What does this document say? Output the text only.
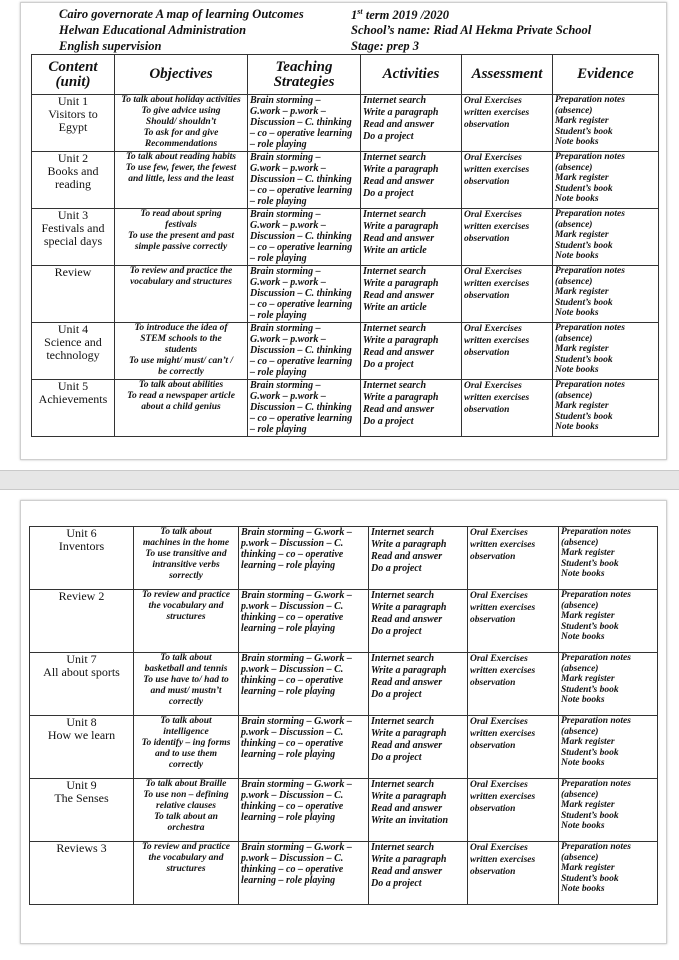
Cairo governorate A map of learning Outcomes	1st term 2019 /2020
Helwan Educational Administration	School’s name: Riad Al Hekma Private School
English supervision	Stage: prep 3
Content
(unit)	Objectives	Teaching
Strategies	Activities	Assessment	Evidence

Unit 1
Visitors to
Egypt	To talk about holiday activities
To give advice using
Should/ shouldn’t
To ask for and give
Recommendations	Brain storming –
G.work – p.work –
Discussion – C. thinking
– co – operative learning
– role playing	Internet search
Write a paragraph
Read and answer
Do a project	Oral Exercises
written exercises
observation	Preparation notes
(absence)
Mark register
Student’s book
Note books

Unit 2
Books and
reading	To talk about reading habits
To use few, fewer, the fewest
and little, less and the least	Brain storming –
G.work – p.work –
Discussion – C. thinking
– co – operative learning
– role playing	Internet search
Write a paragraph
Read and answer
Do a project	Oral Exercises
written exercises
observation	Preparation notes
(absence)
Mark register
Student’s book
Note books

Unit 3
Festivals and
special days	To read about spring
festivals
To use the present and past
simple passive correctly	Brain storming –
G.work – p.work –
Discussion – C. thinking
– co – operative learning
– role playing	Internet search
Write a paragraph
Read and answer
Write an article	Oral Exercises
written exercises
observation	Preparation notes
(absence)
Mark register
Student’s book
Note books

Review	To review and practice the
vocabulary and structures	Brain storming –
G.work – p.work –
Discussion – C. thinking
– co – operative learning
– role playing	Internet search
Write a paragraph
Read and answer
Write an article	Oral Exercises
written exercises
observation	Preparation notes
(absence)
Mark register
Student’s book
Note books

Unit 4
Science and
technology	To introduce the idea of
STEM schools to the
students
To use might/ must/ can’t /
be correctly	Brain storming –
G.work – p.work –
Discussion – C. thinking
– co – operative learning
– role playing	Internet search
Write a paragraph
Read and answer
Do a project	Oral Exercises
written exercises
observation	Preparation notes
(absence)
Mark register
Student’s book
Note books

Unit 5
Achievements	To talk about abilities
To read a newspaper article
about a child genius	Brain storming –
G.work – p.work –
Discussion – C. thinking
– co – operative learning
– role playing	Internet search
Write a paragraph
Read and answer
Do a project	Oral Exercises
written exercises
observation	Preparation notes
(absence)
Mark register
Student’s book
Note books
Unit 6
Inventors	To talk about
machines in the home
To use transitive and
intransitive verbs
sorrectly	Brain storming – G.work –
p.work – Discussion – C.
thinking – co – operative
learning – role playing	Internet search
Write a paragraph
Read and answer
Do a project	Oral Exercises
written exercises
observation	Preparation notes
(absence)
Mark register
Student’s book
Note books

Review 2	To review and practice
the vocabulary and
structures	Brain storming – G.work –
p.work – Discussion – C.
thinking – co – operative
learning – role playing	Internet search
Write a paragraph
Read and answer
Do a project	Oral Exercises
written exercises
observation	Preparation notes
(absence)
Mark register
Student’s book
Note books

Unit 7
All about sports	To talk about
basketball and tennis
To use have to/ had to
and must/ mustn’t
correctly	Brain storming – G.work –
p.work – Discussion – C.
thinking – co – operative
learning – role playing	Internet search
Write a paragraph
Read and answer
Do a project	Oral Exercises
written exercises
observation	Preparation notes
(absence)
Mark register
Student’s book
Note books

Unit 8
How we learn	To talk about
intelligence
To identify – ing forms
and to use them
correctly	Brain storming – G.work –
p.work – Discussion – C.
thinking – co – operative
learning – role playing	Internet search
Write a paragraph
Read and answer
Do a project	Oral Exercises
written exercises
observation	Preparation notes
(absence)
Mark register
Student’s book
Note books

Unit 9
The Senses	To talk about Braille
To use non – defining
relative clauses
To talk about an
orchestra	Brain storming – G.work –
p.work – Discussion – C.
thinking – co – operative
learning – role playing	Internet search
Write a paragraph
Read and answer
Write an invitation	Oral Exercises
written exercises
observation	Preparation notes
(absence)
Mark register
Student’s book
Note books

Reviews 3	To review and practice
the vocabulary and
structures	Brain storming – G.work –
p.work – Discussion – C.
thinking – co – operative
learning – role playing	Internet search
Write a paragraph
Read and answer
Do a project	Oral Exercises
written exercises
observation	Preparation notes
(absence)
Mark register
Student’s book
Note books
